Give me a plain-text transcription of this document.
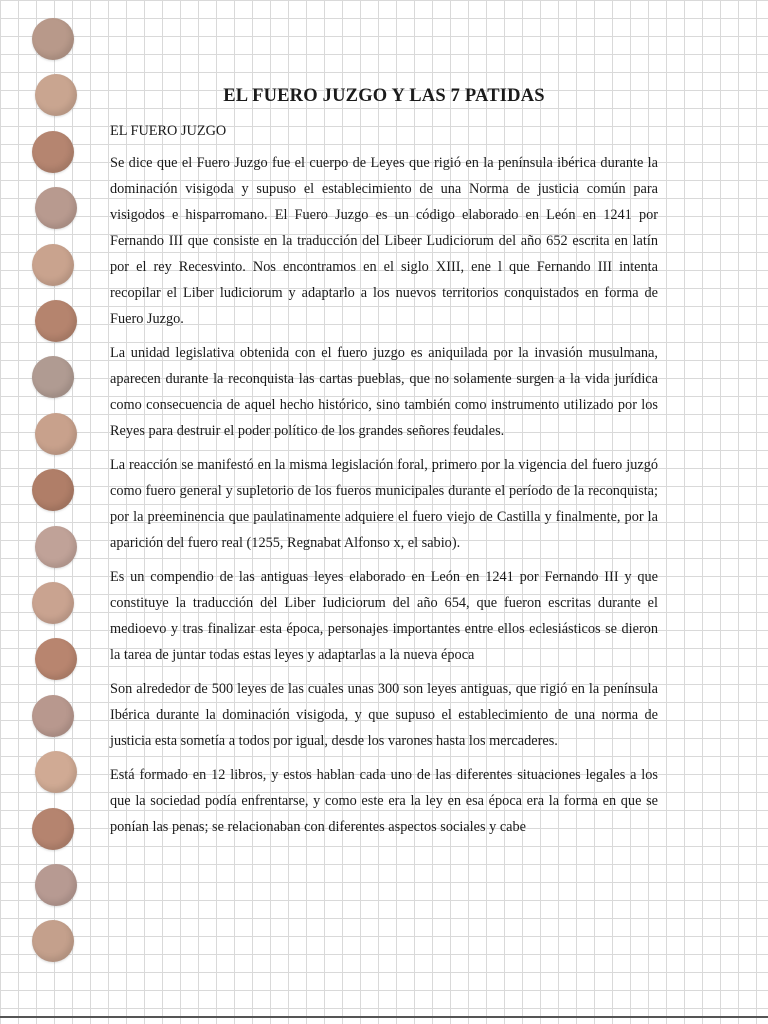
EL FUERO JUZGO Y LAS 7 PATIDAS
EL FUERO JUZGO

Se dice que el Fuero Juzgo fue el cuerpo de Leyes que rigió en la península ibérica durante la dominación visigoda y supuso el establecimiento de una Norma de justicia común para visigodos e hisparromano. El Fuero Juzgo es un código elaborado en León en 1241 por Fernando III que consiste en la traducción del Libeer Ludiciorum del año 652 escrita en latín por el rey Recesvinto. Nos encontramos en el siglo XIII, ene l que Fernando III intenta recopilar el Liber ludiciorum y adaptarlo a los nuevos territorios conquistados en forma de Fuero Juzgo.

La unidad legislativa obtenida con el fuero juzgo es aniquilada por la invasión musulmana, aparecen durante la reconquista las cartas pueblas, que no solamente surgen a la vida jurídica como consecuencia de aquel hecho histórico, sino también como instrumento utilizado por los Reyes para destruir el poder político de los grandes señores feudales.

La reacción se manifestó en la misma legislación foral, primero por la vigencia del fuero juzgó como fuero general y supletorio de los fueros municipales durante el período de la reconquista; por la preeminencia que paulatinamente adquiere el fuero viejo de Castilla y finalmente, por la aparición del fuero real (1255, Regnabat Alfonso x, el sabio).

Es un compendio de las antiguas leyes elaborado en León en 1241 por Fernando III y que constituye la traducción del Liber Iudiciorum del año 654, que fueron escritas durante el medioevo y tras finalizar esta época, personajes importantes entre ellos eclesiásticos se dieron la tarea de juntar todas estas leyes y adaptarlas a la nueva época

Son alrededor de 500 leyes de las cuales unas 300 son leyes antiguas, que rigió en la península Ibérica durante la dominación visigoda, y que supuso el establecimiento de una norma de justicia esta sometía a todos por igual, desde los varones hasta los mercaderes.

Está formado en 12 libros, y estos hablan cada uno de las diferentes situaciones legales a los que la sociedad podía enfrentarse, y como este era la ley en esa época era la forma en que se ponían las penas; se relacionaban con diferentes aspectos sociales y cabe
